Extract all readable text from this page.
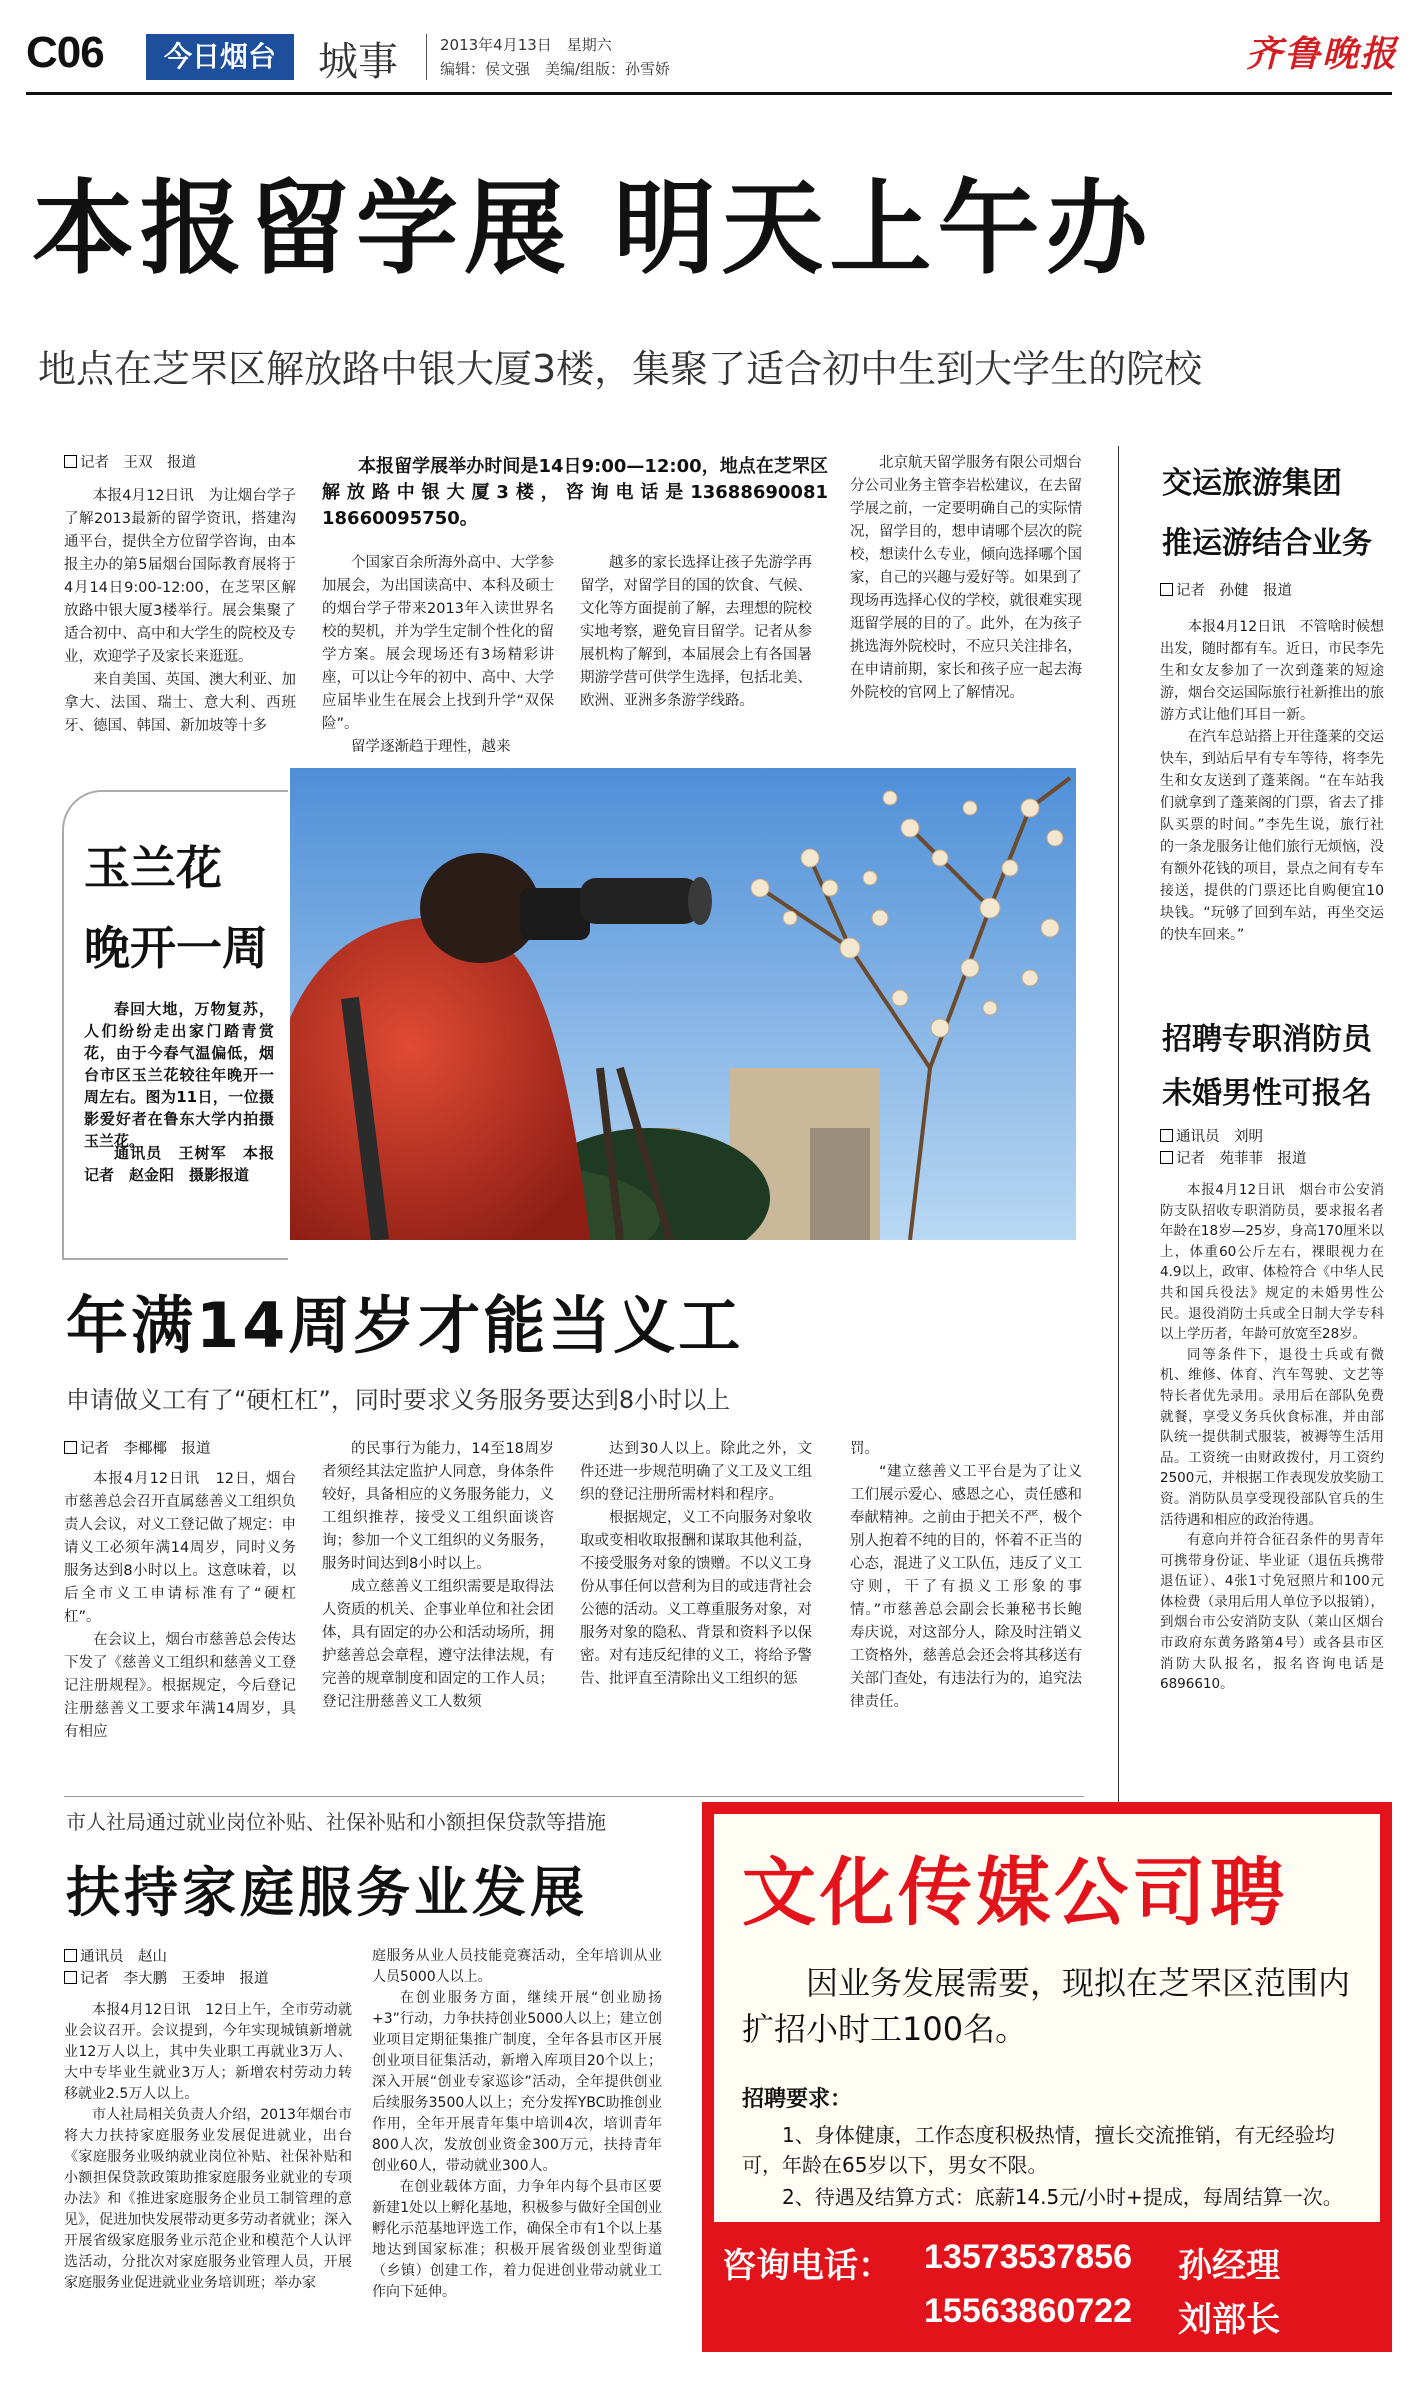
C06	今日烟台	城事	2013年4月13日　星期六
编辑：侯文强　美编/组版：孙雪娇	齐鲁晚报
本报留学展 明天上午办
地点在芝罘区解放路中银大厦3楼，集聚了适合初中生到大学生的院校
记者　王双　报道

本报4月12日讯　为让烟台学子了解2013最新的留学资讯，搭建沟通平台，提供全方位留学咨询，由本报主办的第5届烟台国际教育展将于4月14日9:00-12:00，在芝罘区解放路中银大厦3楼举行。展会集聚了适合初中、高中和大学生的院校及专业，欢迎学子及家长来逛逛。

来自美国、英国、澳大利亚、加拿大、法国、瑞士、意大利、西班牙、德国、韩国、新加坡等十多

本报留学展举办时间是14日9:00—12:00，地点在芝罘区解放路中银大厦3楼，咨询电话是13688690081　18660095750。

个国家百余所海外高中、大学参加展会，为出国读高中、本科及硕士的烟台学子带来2013年入读世界名校的契机，并为学生定制个性化的留学方案。展会现场还有3场精彩讲座，可以让今年的初中、高中、大学应届毕业生在展会上找到升学“双保险”。

留学逐渐趋于理性，越来

越多的家长选择让孩子先游学再留学，对留学目的国的饮食、气候、文化等方面提前了解，去理想的院校实地考察，避免盲目留学。记者从参展机构了解到，本届展会上有各国暑期游学营可供学生选择，包括北美、欧洲、亚洲多条游学线路。

北京航天留学服务有限公司烟台分公司业务主管李岩松建议，在去留学展之前，一定要明确自己的实际情况，留学目的，想申请哪个层次的院校，想读什么专业，倾向选择哪个国家，自己的兴趣与爱好等。如果到了现场再选择心仪的学校，就很难实现逛留学展的目的了。此外，在为孩子挑选海外院校时，不应只关注排名，在申请前期，家长和孩子应一起去海外院校的官网上了解情况。

玉兰花
晚开一周
春回大地，万物复苏，人们纷纷走出家门踏青赏花，由于今春气温偏低，烟台市区玉兰花较往年晚开一周左右。图为11日，一位摄影爱好者在鲁东大学内拍摄玉兰花。
通讯员　王树军　本报记者　赵金阳　摄影报道
年满14周岁才能当义工
申请做义工有了“硬杠杠”，同时要求义务服务要达到8小时以上
记者　李椰椰　报道

本报4月12日讯　12日，烟台市慈善总会召开直属慈善义工组织负责人会议，对义工登记做了规定：申请义工必须年满14周岁，同时义务服务达到8小时以上。这意味着，以后全市义工申请标准有了“硬杠杠”。

在会议上，烟台市慈善总会传达下发了《慈善义工组织和慈善义工登记注册规程》。根据规定，今后登记注册慈善义工要求年满14周岁，具有相应

的民事行为能力，14至18周岁者须经其法定监护人同意，身体条件较好，具备相应的义务服务能力，义工组织推荐，接受义工组织面谈咨询；参加一个义工组织的义务服务，服务时间达到8小时以上。

成立慈善义工组织需要是取得法人资质的机关、企事业单位和社会团体，具有固定的办公和活动场所，拥护慈善总会章程，遵守法律法规，有完善的规章制度和固定的工作人员；登记注册慈善义工人数须

达到30人以上。除此之外，文件还进一步规范明确了义工及义工组织的登记注册所需材料和程序。

根据规定，义工不向服务对象收取或变相收取报酬和谋取其他利益，不接受服务对象的馈赠。不以义工身份从事任何以营利为目的或违背社会公德的活动。义工尊重服务对象，对服务对象的隐私、背景和资料予以保密。对有违反纪律的义工，将给予警告、批评直至清除出义工组织的惩

罚。

“建立慈善义工平台是为了让义工们展示爱心、感恩之心，责任感和奉献精神。之前由于把关不严，极个别人抱着不纯的目的，怀着不正当的心态，混进了义工队伍，违反了义工守则，干了有损义工形象的事情。”市慈善总会副会长兼秘书长鲍寿庆说，对这部分人，除及时注销义工资格外，慈善总会还会将其移送有关部门查处，有违法行为的，追究法律责任。

交运旅游集团
推运游结合业务
记者　孙健　报道

本报4月12日讯　不管啥时候想出发，随时都有车。近日，市民李先生和女友参加了一次到蓬莱的短途游，烟台交运国际旅行社新推出的旅游方式让他们耳目一新。

在汽车总站搭上开往蓬莱的交运快车，到站后早有专车等待，将李先生和女友送到了蓬莱阁。“在车站我们就拿到了蓬莱阁的门票，省去了排队买票的时间。”李先生说，旅行社的一条龙服务让他们旅行无烦恼，没有额外花钱的项目，景点之间有专车接送，提供的门票还比自购便宜10块钱。“玩够了回到车站，再坐交运的快车回来。”

招聘专职消防员
未婚男性可报名
通讯员　刘明
记者　苑菲菲　报道

本报4月12日讯　烟台市公安消防支队招收专职消防员，要求报名者年龄在18岁—25岁，身高170厘米以上，体重60公斤左右，裸眼视力在4.9以上，政审、体检符合《中华人民共和国兵役法》规定的未婚男性公民。退役消防士兵或全日制大学专科以上学历者，年龄可放宽至28岁。

同等条件下，退役士兵或有微机、维修、体育、汽车驾驶、文艺等特长者优先录用。录用后在部队免费就餐，享受义务兵伙食标准，并由部队统一提供制式服装，被褥等生活用品。工资统一由财政拨付，月工资约2500元，并根据工作表现发放奖励工资。消防队员享受现役部队官兵的生活待遇和相应的政治待遇。

有意向并符合征召条件的男青年可携带身份证、毕业证（退伍兵携带退伍证）、4张1寸免冠照片和100元体检费（录用后用人单位予以报销），到烟台市公安消防支队（莱山区烟台市政府东黄务路第4号）或各县市区消防大队报名，报名咨询电话是6896610。

市人社局通过就业岗位补贴、社保补贴和小额担保贷款等措施
扶持家庭服务业发展
通讯员　赵山
记者　李大鹏　王委坤　报道

本报4月12日讯　12日上午，全市劳动就业会议召开。会议提到，今年实现城镇新增就业12万人以上，其中失业职工再就业3万人、大中专毕业生就业3万人；新增农村劳动力转移就业2.5万人以上。

市人社局相关负责人介绍，2013年烟台市将大力扶持家庭服务业发展促进就业，出台《家庭服务业吸纳就业岗位补贴、社保补贴和小额担保贷款政策助推家庭服务业就业的专项办法》和《推进家庭服务企业员工制管理的意见》，促进加快发展带动更多劳动者就业；深入开展省级家庭服务业示范企业和模范个人认评选活动，分批次对家庭服务业管理人员，开展家庭服务业促进就业业务培训班；举办家

庭服务从业人员技能竞赛活动，全年培训从业人员5000人以上。

在创业服务方面，继续开展“创业励扬+3”行动，力争扶持创业5000人以上；建立创业项目定期征集推广制度，全年各县市区开展创业项目征集活动，新增入库项目20个以上；深入开展“创业专家巡诊”活动，全年提供创业后续服务3500人以上；充分发挥YBC助推创业作用，全年开展青年集中培训4次，培训青年800人次，发放创业资金300万元，扶持青年创业60人，带动就业300人。

在创业载体方面，力争年内每个县市区要新建1处以上孵化基地，积极参与做好全国创业孵化示范基地评选工作，确保全市有1个以上基地达到国家标准；积极开展省级创业型街道（乡镇）创建工作，着力促进创业带动就业工作向下延伸。

文化传媒公司聘
因业务发展需要，现拟在芝罘区范围内扩招小时工100名。
招聘要求：
1、身体健康，工作态度积极热情，擅长交流推销，有无经验均可，年龄在65岁以下，男女不限。
2、待遇及结算方式：底薪14.5元/小时+提成，每周结算一次。
咨询电话： 13573537856 孙经理
15563860722 刘部长
